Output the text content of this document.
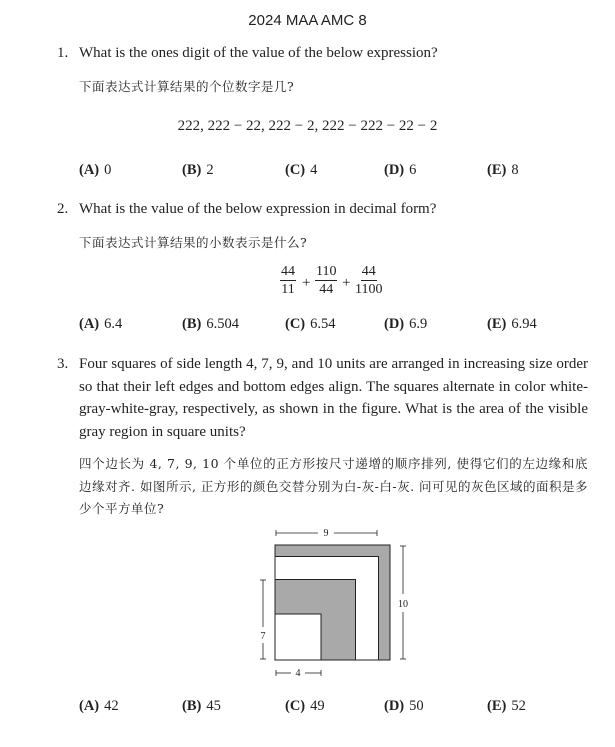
2024 MAA AMC 8
1. What is the ones digit of the value of the below expression?
下面表达式计算结果的个位数字是几?
222, 222 − 22, 222 − 2, 222 − 222 − 22 − 2
(A) 0	(B) 2	(C) 4	(D) 6	(E) 8
2. What is the value of the below expression in decimal form?
下面表达式计算结果的小数表示是什么?
$\frac{44}{11} + \frac{110}{44} + \frac{44}{1100}$
(A) 6.4	(B) 6.504	(C) 6.54	(D) 6.9	(E) 6.94
3. Four squares of side length 4, 7, 9, and 10 units are arranged in increasing size order so that their left edges and bottom edges align. The squares alternate in color white-gray-white-gray, respectively, as shown in the figure. What is the area of the visible gray region in square units?
四个边长为 4, 7, 9, 10 个单位的正方形按尺寸递增的顺序排列, 使得它们的左边缘和底边缘对齐. 如图所示, 正方形的颜色交替分别为白-灰-白-灰. 问可见的灰色区域的面积是多少个平方单位?
9
10
7
4
(A) 42	(B) 45	(C) 49	(D) 50	(E) 52
